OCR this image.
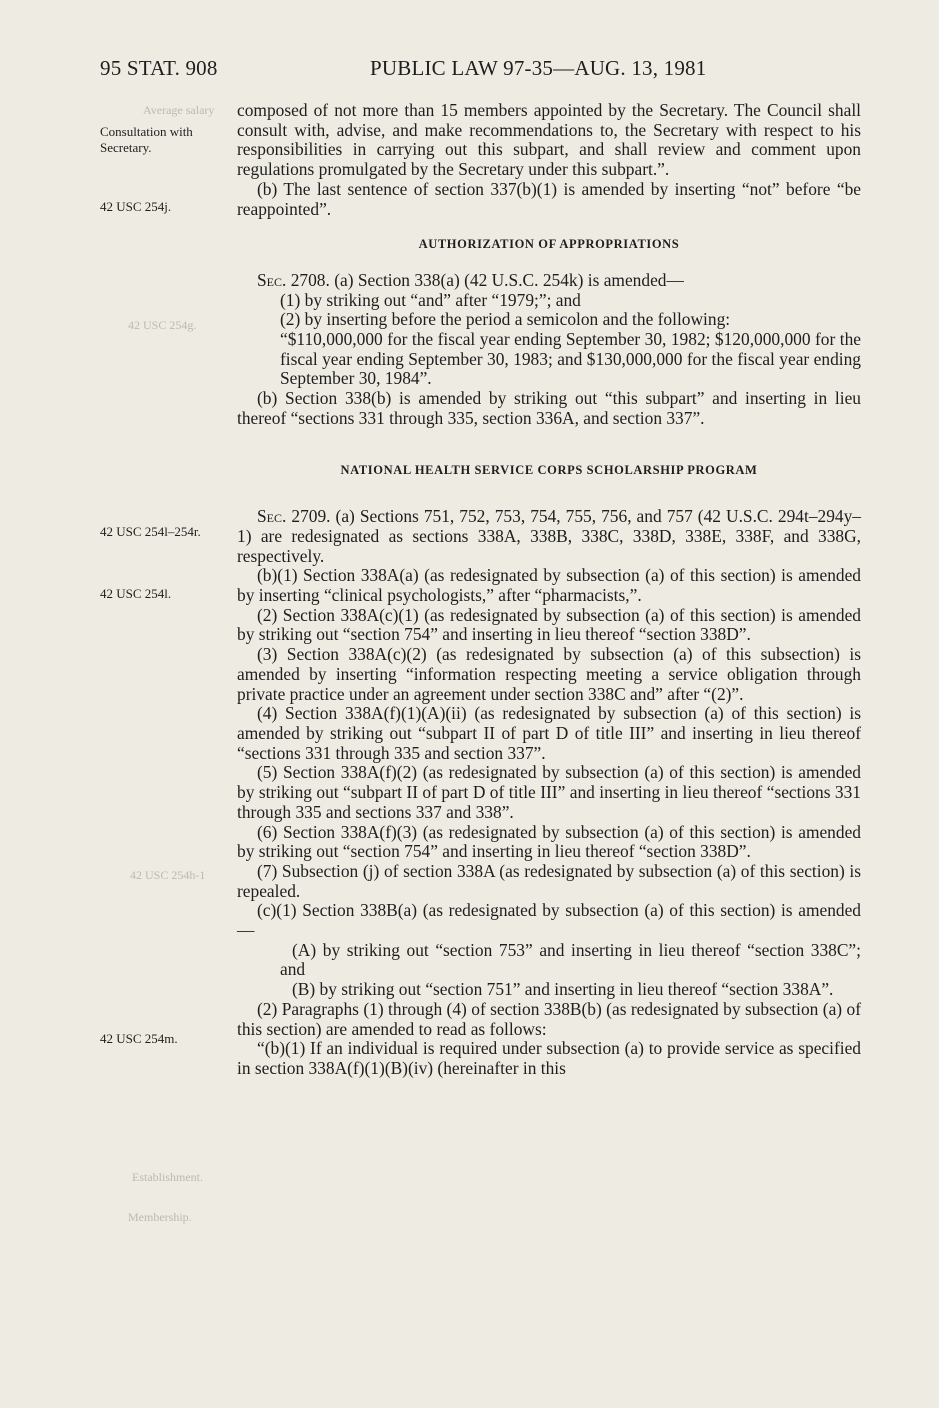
95 STAT. 908	PUBLIC LAW 97-35—AUG. 13, 1981
Average salary
42 USC 254g.
42 USC 254h-1
Establishment.
Membership.
Consultation with Secretary.
42 USC 254j.
42 USC 254l–254r.
42 USC 254l.
42 USC 254m.

composed of not more than 15 members appointed by the Secretary. The Council shall consult with, advise, and make recommendations to, the Secretary with respect to his responsibilities in carrying out this subpart, and shall review and comment upon regulations promulgated by the Secretary under this subpart.”.

(b) The last sentence of section 337(b)(1) is amended by inserting “not” before “be reappointed”.

AUTHORIZATION OF APPROPRIATIONS

Sec. 2708. (a) Section 338(a) (42 U.S.C. 254k) is amended—

(1) by striking out “and” after “1979;”; and

(2) by inserting before the period a semicolon and the following:

“$110,000,000 for the fiscal year ending September 30, 1982; $120,000,000 for the fiscal year ending September 30, 1983; and $130,000,000 for the fiscal year ending September 30, 1984”.

(b) Section 338(b) is amended by striking out “this subpart” and inserting in lieu thereof “sections 331 through 335, section 336A, and section 337”.

NATIONAL HEALTH SERVICE CORPS SCHOLARSHIP PROGRAM

Sec. 2709. (a) Sections 751, 752, 753, 754, 755, 756, and 757 (42 U.S.C. 294t–294y–1) are redesignated as sections 338A, 338B, 338C, 338D, 338E, 338F, and 338G, respectively.

(b)(1) Section 338A(a) (as redesignated by subsection (a) of this section) is amended by inserting “clinical psychologists,” after “pharmacists,”.

(2) Section 338A(c)(1) (as redesignated by subsection (a) of this section) is amended by striking out “section 754” and inserting in lieu thereof “section 338D”.

(3) Section 338A(c)(2) (as redesignated by subsection (a) of this subsection) is amended by inserting “information respecting meeting a service obligation through private practice under an agreement under section 338C and” after “(2)”.

(4) Section 338A(f)(1)(A)(ii) (as redesignated by subsection (a) of this section) is amended by striking out “subpart II of part D of title III” and inserting in lieu thereof “sections 331 through 335 and section 337”.

(5) Section 338A(f)(2) (as redesignated by subsection (a) of this section) is amended by striking out “subpart II of part D of title III” and inserting in lieu thereof “sections 331 through 335 and sections 337 and 338”.

(6) Section 338A(f)(3) (as redesignated by subsection (a) of this section) is amended by striking out “section 754” and inserting in lieu thereof “section 338D”.

(7) Subsection (j) of section 338A (as redesignated by subsection (a) of this section) is repealed.

(c)(1) Section 338B(a) (as redesignated by subsection (a) of this section) is amended—

(A) by striking out “section 753” and inserting in lieu thereof “section 338C”; and

(B) by striking out “section 751” and inserting in lieu thereof “section 338A”.

(2) Paragraphs (1) through (4) of section 338B(b) (as redesignated by subsection (a) of this section) are amended to read as follows:

“(b)(1) If an individual is required under subsection (a) to provide service as specified in section 338A(f)(1)(B)(iv) (hereinafter in this
